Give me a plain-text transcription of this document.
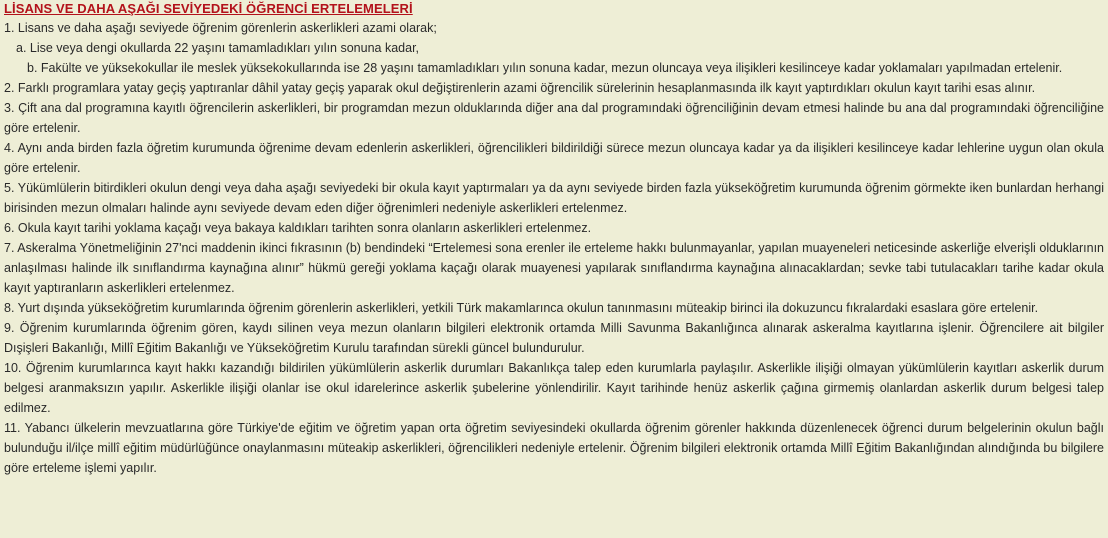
LİSANS VE DAHA AŞAĞI SEVİYEDEKİ ÖĞRENCİ ERTELEMELERİ

1. Lisans ve daha aşağı seviyede öğrenim görenlerin askerlikleri azami olarak;

a. Lise veya dengi okullarda 22 yaşını tamamladıkları yılın sonuna kadar,

b. Fakülte ve yüksekokullar ile meslek yüksekokullarında ise 28 yaşını tamamladıkları yılın sonuna kadar, mezun oluncaya veya ilişikleri kesilinceye kadar yoklamaları yapılmadan ertelenir.

2. Farklı programlara yatay geçiş yaptıranlar dâhil yatay geçiş yaparak okul değiştirenlerin azami öğrencilik sürelerinin hesaplanmasında ilk kayıt yaptırdıkları okulun kayıt tarihi esas alınır.

3. Çift ana dal programına kayıtlı öğrencilerin askerlikleri, bir programdan mezun olduklarında diğer ana dal programındaki öğrenciliğinin devam etmesi halinde bu ana dal programındaki öğrenciliğine göre ertelenir.

4. Aynı anda birden fazla öğretim kurumunda öğrenime devam edenlerin askerlikleri, öğrencilikleri bildirildiği sürece mezun oluncaya kadar ya da ilişikleri kesilinceye kadar lehlerine uygun olan okula göre ertelenir.

5. Yükümlülerin bitirdikleri okulun dengi veya daha aşağı seviyedeki bir okula kayıt yaptırmaları ya da aynı seviyede birden fazla yükseköğretim kurumunda öğrenim görmekte iken bunlardan herhangi birisinden mezun olmaları halinde aynı seviyede devam eden diğer öğrenimleri nedeniyle askerlikleri ertelenmez.

6. Okula kayıt tarihi yoklama kaçağı veya bakaya kaldıkları tarihten sonra olanların askerlikleri ertelenmez.

7. Askeralma Yönetmeliğinin 27'nci maddenin ikinci fıkrasının (b) bendindeki “Ertelemesi sona erenler ile erteleme hakkı bulunmayanlar, yapılan muayeneleri neticesinde askerliğe elverişli olduklarının anlaşılması halinde ilk sınıflandırma kaynağına alınır” hükmü gereği yoklama kaçağı olarak muayenesi yapılarak sınıflandırma kaynağına alınacaklardan; sevke tabi tutulacakları tarihe kadar okula kayıt yaptıranların askerlikleri ertelenmez.

8. Yurt dışında yükseköğretim kurumlarında öğrenim görenlerin askerlikleri, yetkili Türk makamlarınca okulun tanınmasını müteakip birinci ila dokuzuncu fıkralardaki esaslara göre ertelenir.

9. Öğrenim kurumlarında öğrenim gören, kaydı silinen veya mezun olanların bilgileri elektronik ortamda Milli Savunma Bakanlığınca alınarak askeralma kayıtlarına işlenir. Öğrencilere ait bilgiler Dışişleri Bakanlığı, Millî Eğitim Bakanlığı ve Yükseköğretim Kurulu tarafından sürekli güncel bulundurulur.

10. Öğrenim kurumlarınca kayıt hakkı kazandığı bildirilen yükümlülerin askerlik durumları Bakanlıkça talep eden kurumlarla paylaşılır. Askerlikle ilişiği olmayan yükümlülerin kayıtları askerlik durum belgesi aranmaksızın yapılır. Askerlikle ilişiği olanlar ise okul idarelerince askerlik şubelerine yönlendirilir. Kayıt tarihinde henüz askerlik çağına girmemiş olanlardan askerlik durum belgesi talep edilmez.

11. Yabancı ülkelerin mevzuatlarına göre Türkiye'de eğitim ve öğretim yapan orta öğretim seviyesindeki okullarda öğrenim görenler hakkında düzenlenecek öğrenci durum belgelerinin okulun bağlı bulunduğu il/ilçe millî eğitim müdürlüğünce onaylanmasını müteakip askerlikleri, öğrencilikleri nedeniyle ertelenir. Öğrenim bilgileri elektronik ortamda Millî Eğitim Bakanlığından alındığında bu bilgilere göre erteleme işlemi yapılır.
